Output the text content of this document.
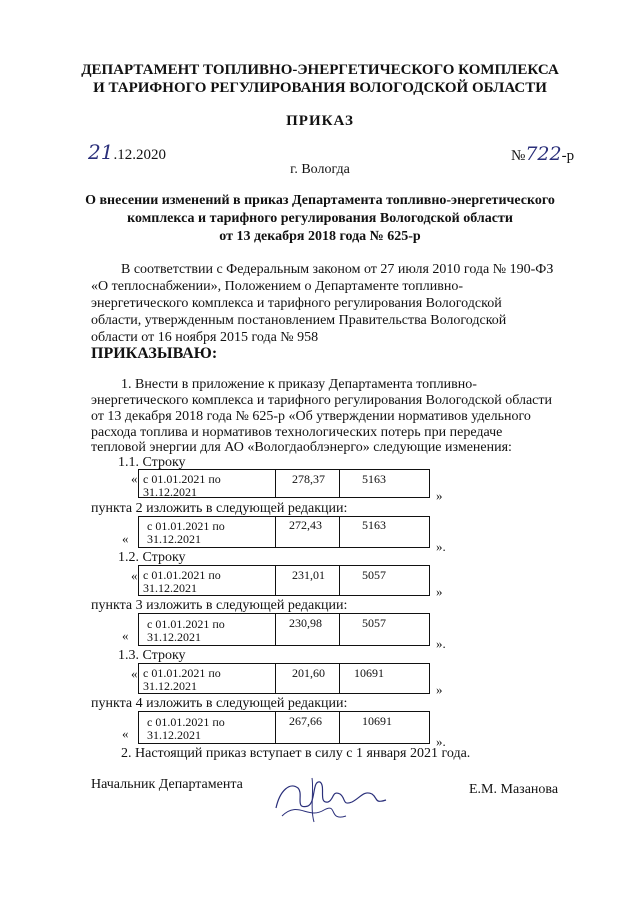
ДЕПАРТАМЕНТ ТОПЛИВНО-ЭНЕРГЕТИЧЕСКОГО КОМПЛЕКСА
И ТАРИФНОГО РЕГУЛИРОВАНИЯ ВОЛОГОДСКОЙ ОБЛАСТИ
ПРИКАЗ
21.12.2020	№722-р
г. Вологда
О внесении изменений в приказ Департамента топливно-энергетического
комплекса и тарифного регулирования Вологодской области
от 13 декабря 2018 года № 625-р
В соответствии с Федеральным законом от 27 июля 2010 года № 190-ФЗ
«О теплоснабжении», Положением о Департаменте топливно-
энергетического комплекса и тарифного регулирования Вологодской
области, утвержденным постановлением Правительства Вологодской
области от 16 ноября 2015 года № 958
ПРИКАЗЫВАЮ:
1. Внести в приложение к приказу Департамента топливно-
энергетического комплекса и тарифного регулирования Вологодской области
от 13 декабря 2018 года № 625-р «Об утверждении нормативов удельного
расхода топлива и нормативов технологических потерь при передаче
тепловой энергии для АО «Вологдаоблэнерго» следующие изменения:
1.1. Строку
« с 01.01.2021 по
31.12.2021
278,37	5163
»
пункта 2 изложить в следующей редакции:
«
с 01.01.2021 по
31.12.2021
272,43	5163
».
1.2. Строку
« с 01.01.2021 по
31.12.2021
231,01	5057
»
пункта 3 изложить в следующей редакции:
«
с 01.01.2021 по
31.12.2021
230,98	5057
».
1.3. Строку
« с 01.01.2021 по
31.12.2021
201,60	10691
»
пункта 4 изложить в следующей редакции:
«
с 01.01.2021 по
31.12.2021
267,66	10691
».
2. Настоящий приказ вступает в силу с 1 января 2021 года.
Начальник Департамента	Е.М. Мазанова
